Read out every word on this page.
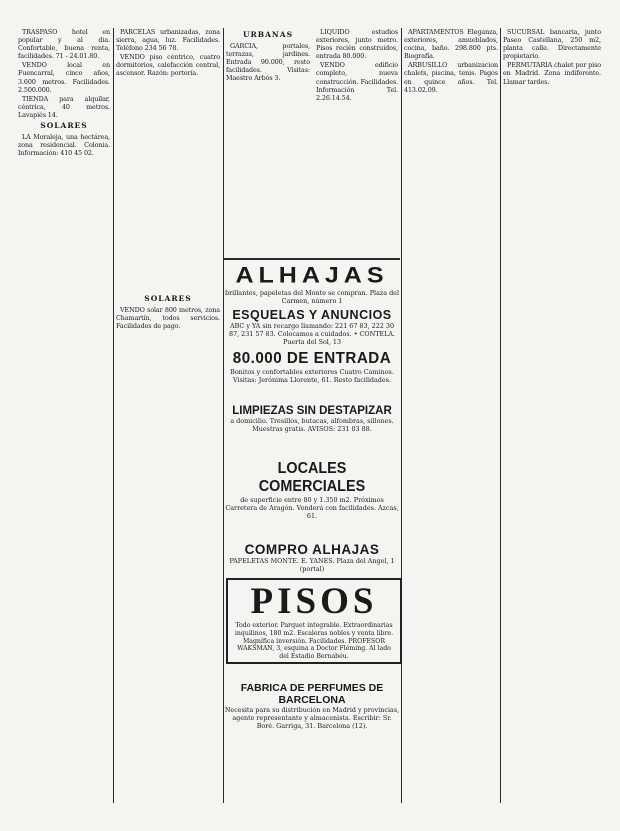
TRASPASO hotel en popular y al dia. Confortable, buena renta, facilidades. 71 - 24.01.80.

VENDO local en Fuencarral, cinco años, 3.600 metros. Facilidades. 2.500.000.

TIENDA para alquilar, céntrica, 40 metros. Lavapiés 14.

SOLARES

LA Moraleja, una hectárea, zona residencial. Colonia. Información: 410 45 02.

PARCELAS urbanizadas, zona sierra, agua, luz. Facilidades. Teléfono 234 56 78.

VENDO piso céntrico, cuatro dormitorios, calefacción central, ascensor. Razón: portería.

SOLARES

VENDO solar 800 metros, zona Chamartín, todos servicios. Facilidades de pago.

URBANAS

GARCIA, portales, terrazas, jardines. Entrada 90.000, resto facilidades. Visitas: Maestro Arbós 3.

LIQUIDO estudios exteriores, junto metro. Pisos recién construidos, entrada 80.000.

VENDO edificio completo, nueva construcción. Facilidades. Información Tel. 2.26.14.54.

APARTAMENTOS Eleganza, exteriores, amueblados, cocina, baño. 298.800 pts. Biografía.

ARBUSILLO urbanizacion chalets, piscina, tenis. Pagos en quince años. Tel. 413.02.09.

SUCURSAL bancaria, junto Paseo Castellana, 250 m2, planta calle. Directamente propietario.

PERMUTARIA chalet por piso en Madrid. Zona indiferente. Llamar tardes.

ALHAJAS
brillantes, papeletas del Monte se compran. Plaza del Carmen, número 1
ESQUELAS Y ANUNCIOS
ABC y YA sin recargo llamando: 221 67 83, 222 30 87, 231 57 83. Colocamos a cuidados. • CONTELA. Puerta del Sol, 13
80.000 DE ENTRADA
Bonitos y confortables exteriores Cuatro Caminos. Visitas: Jerónima Llorente, 61. Resto facilidades.
LIMPIEZAS SIN DESTAPIZAR
a domicilio. Tresillos, butacas, alfombras, sillones. Muestras gratis. AVISOS: 231 03 88.
LOCALES COMERCIALES
de superficie entre 80 y 1.350 m2. Próximos Carretera de Aragón. Venderá con facilidades. Azcas, 61.
COMPRO ALHAJAS
PAPELETAS MONTE. E. YANES. Plaza del Angel, 1 (portal)
PISOS
Todo exterior. Parquet integrable. Extraordinarias inquilinos, 180 m2. Escaleras nobles y venta libre. Magnífica inversión. Facilidades. PROFESOR WAKSMAN, 3, esquina a Doctor Fléming. Al lado del Estadio Bernabéu.
FABRICA DE PERFUMES DE BARCELONA
Necesita para su distribución en Madrid y provincias, agente representante y almacenista. Escribir: Sr. Boré. Garriga, 31. Barcelona (12).
